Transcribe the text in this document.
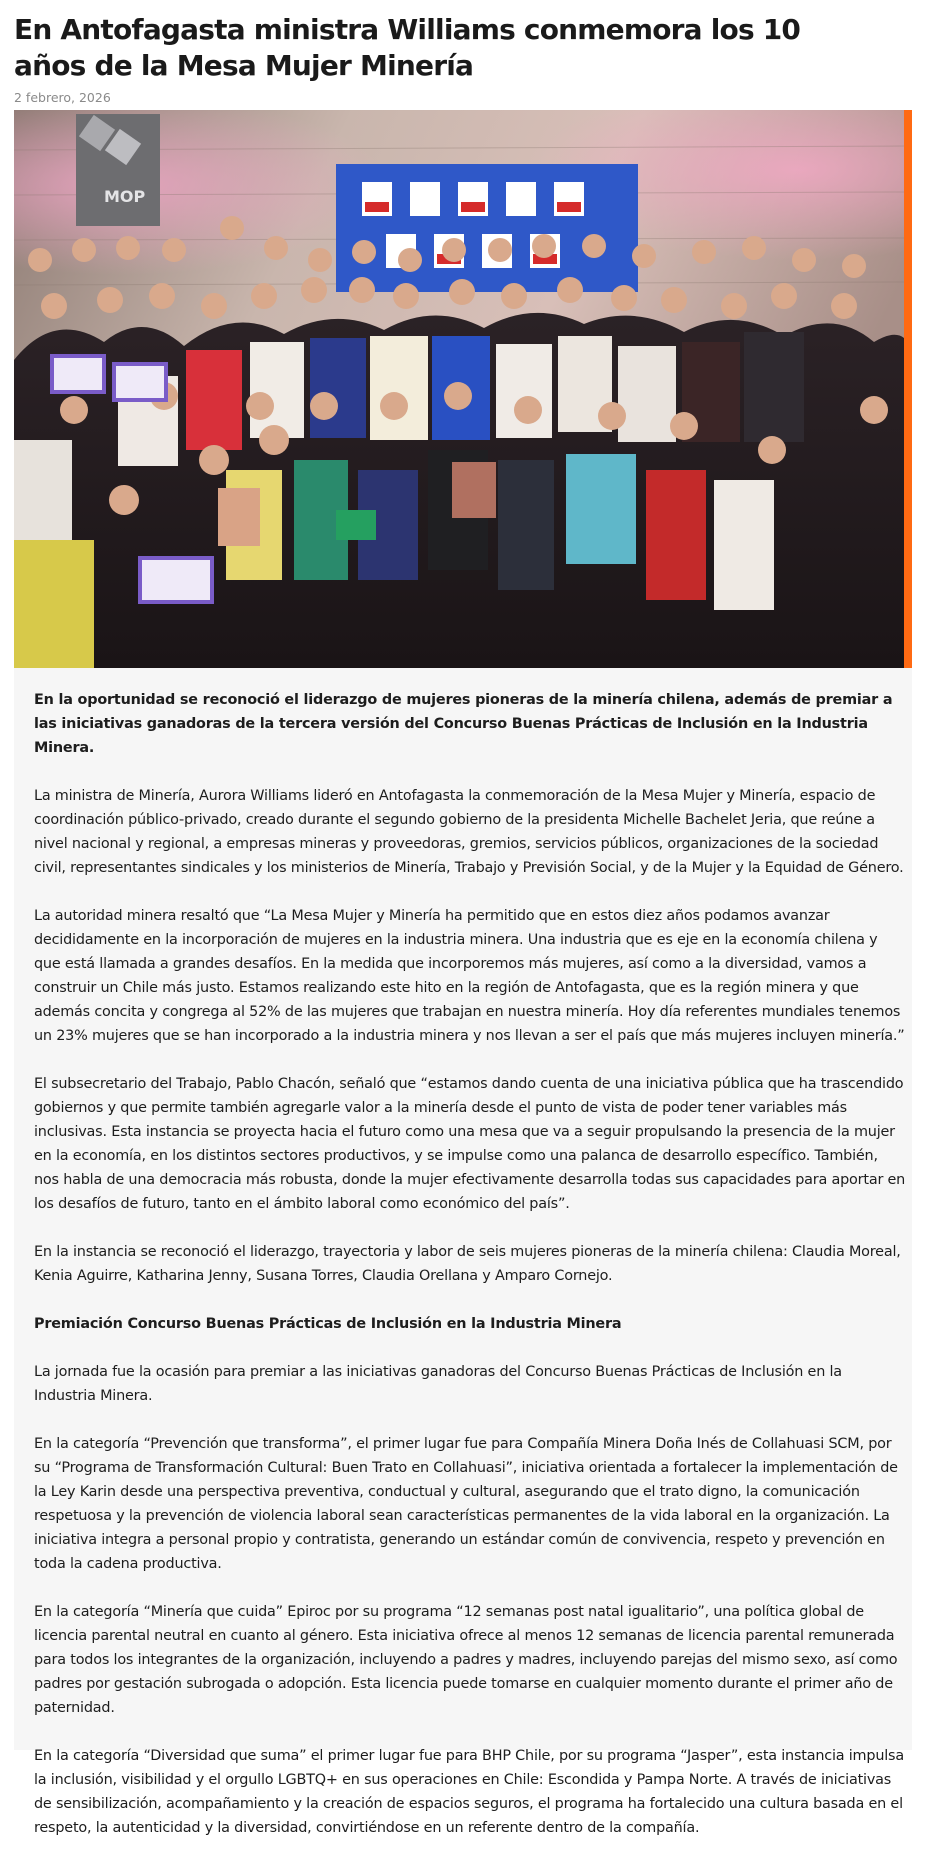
En Antofagasta ministra Williams conmemora los 10 años de la Mesa Mujer Minería
2 febrero, 2026
MOP

En la oportunidad se reconoció el liderazgo de mujeres pioneras de la minería chilena, además de premiar a las iniciativas ganadoras de la tercera versión del Concurso Buenas Prácticas de Inclusión en la Industria Minera.

La ministra de Minería, Aurora Williams lideró en Antofagasta la conmemoración de la Mesa Mujer y Minería, espacio de coordinación público-privado, creado durante el segundo gobierno de la presidenta Michelle Bachelet Jeria, que reúne a nivel nacional y regional, a empresas mineras y proveedoras, gremios, servicios públicos, organizaciones de la sociedad civil, representantes sindicales y los ministerios de Minería, Trabajo y Previsión Social, y de la Mujer y la Equidad de Género.

La autoridad minera resaltó que “La Mesa Mujer y Minería ha permitido que en estos diez años podamos avanzar decididamente en la incorporación de mujeres en la industria minera. Una industria que es eje en la economía chilena y que está llamada a grandes desafíos. En la medida que incorporemos más mujeres, así como a la diversidad, vamos a construir un Chile más justo. Estamos realizando este hito en la región de Antofagasta, que es la región minera y que además concita y congrega al 52% de las mujeres que trabajan en nuestra minería. Hoy día referentes mundiales tenemos un 23% mujeres que se han incorporado a la industria minera y nos llevan a ser el país que más mujeres incluyen minería.”

El subsecretario del Trabajo, Pablo Chacón, señaló que “estamos dando cuenta de una iniciativa pública que ha trascendido gobiernos y que permite también agregarle valor a la minería desde el punto de vista de poder tener variables más inclusivas. Esta instancia se proyecta hacia el futuro como una mesa que va a seguir propulsando la presencia de la mujer en la economía, en los distintos sectores productivos, y se impulse como una palanca de desarrollo específico. También, nos habla de una democracia más robusta, donde la mujer efectivamente desarrolla todas sus capacidades para aportar en los desafíos de futuro, tanto en el ámbito laboral como económico del país”.

En la instancia se reconoció el liderazgo, trayectoria y labor de seis mujeres pioneras de la minería chilena: Claudia Moreal, Kenia Aguirre, Katharina Jenny, Susana Torres, Claudia Orellana y Amparo Cornejo.

Premiación Concurso Buenas Prácticas de Inclusión en la Industria Minera

La jornada fue la ocasión para premiar a las iniciativas ganadoras del Concurso Buenas Prácticas de Inclusión en la Industria Minera.

En la categoría “Prevención que transforma”, el primer lugar fue para Compañía Minera Doña Inés de Collahuasi SCM, por su “Programa de Transformación Cultural: Buen Trato en Collahuasi”, iniciativa orientada a fortalecer la implementación de la Ley Karin desde una perspectiva preventiva, conductual y cultural, asegurando que el trato digno, la comunicación respetuosa y la prevención de violencia laboral sean características permanentes de la vida laboral en la organización. La iniciativa integra a personal propio y contratista, generando un estándar común de convivencia, respeto y prevención en toda la cadena productiva.

En la categoría “Minería que cuida” Epiroc por su programa “12 semanas post natal igualitario”, una política global de licencia parental neutral en cuanto al género. Esta iniciativa ofrece al menos 12 semanas de licencia parental remunerada para todos los integrantes de la organización, incluyendo a padres y madres, incluyendo parejas del mismo sexo, así como padres por gestación subrogada o adopción. Esta licencia puede tomarse en cualquier momento durante el primer año de paternidad.

En la categoría “Diversidad que suma” el primer lugar fue para BHP Chile, por su programa “Jasper”, esta instancia impulsa la inclusión, visibilidad y el orgullo LGBTQ+ en sus operaciones en Chile: Escondida y Pampa Norte. A través de iniciativas de sensibilización, acompañamiento y la creación de espacios seguros, el programa ha fortalecido una cultura basada en el respeto, la autenticidad y la diversidad, convirtiéndose en un referente dentro de la compañía.
